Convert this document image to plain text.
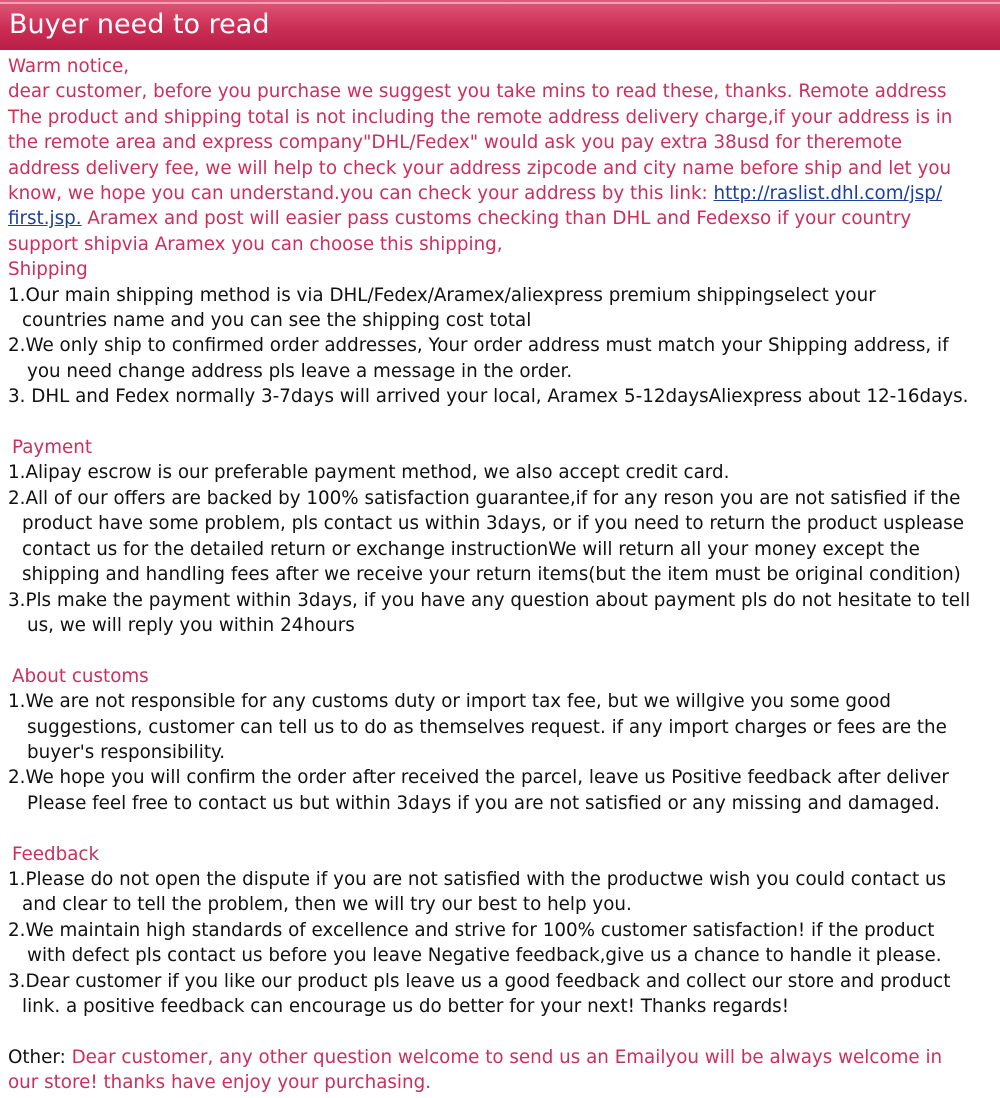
Buyer need to read
Warm notice,
dear customer, before you purchase we suggest you take mins to read these, thanks. Remote address
The product and shipping total is not including the remote address delivery charge,if your address is in
the remote area and express company"DHL/Fedex" would ask you pay extra 38usd for theremote
address delivery fee, we will help to check your address zipcode and city name before ship and let you
know, we hope you can understand.you can check your address by this link: http://raslist.dhl.com/jsp/
first.jsp. Aramex and post will easier pass customs checking than DHL and Fedexso if your country
support shipvia Aramex you can choose this shipping,
Shipping
1.Our main shipping method is via DHL/Fedex/Aramex/aliexpress premium shippingselect your
countries name and you can see the shipping cost total
2.We only ship to confirmed order addresses, Your order address must match your Shipping address, if
you need change address pls leave a message in the order.
3. DHL and Fedex normally 3-7days will arrived your local, Aramex 5-12daysAliexpress about 12-16days.
Payment
1.Alipay escrow is our preferable payment method, we also accept credit card.
2.All of our offers are backed by 100% satisfaction guarantee,if for any reson you are not satisfied if the
product have some problem, pls contact us within 3days, or if you need to return the product usplease
contact us for the detailed return or exchange instructionWe will return all your money except the
shipping and handling fees after we receive your return items(but the item must be original condition)
3.Pls make the payment within 3days, if you have any question about payment pls do not hesitate to tell
us, we will reply you within 24hours
About customs
1.We are not responsible for any customs duty or import tax fee, but we willgive you some good
suggestions, customer can tell us to do as themselves request. if any import charges or fees are the
buyer's responsibility.
2.We hope you will confirm the order after received the parcel, leave us Positive feedback after deliver
Please feel free to contact us but within 3days if you are not satisfied or any missing and damaged.
Feedback
1.Please do not open the dispute if you are not satisfied with the productwe wish you could contact us
and clear to tell the problem, then we will try our best to help you.
2.We maintain high standards of excellence and strive for 100% customer satisfaction! if the product
with defect pls contact us before you leave Negative feedback,give us a chance to handle it please.
3.Dear customer if you like our product pls leave us a good feedback and collect our store and product
link. a positive feedback can encourage us do better for your next! Thanks regards!
Other: Dear customer, any other question welcome to send us an Emailyou will be always welcome in
our store! thanks have enjoy your purchasing.
